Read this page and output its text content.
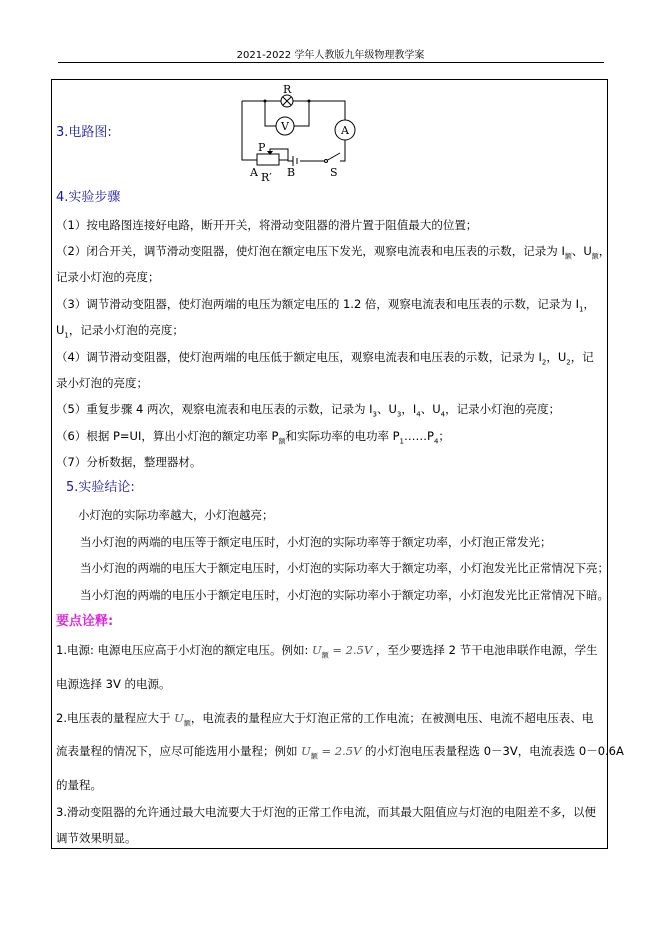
2021-2022 学年人教版九年级物理教学案
R
V	A
P
A R′ B	S
3.电路图:
4.实验步骤
5.实验结论:
要点诠释:
（1）按电路图连接好电路，断开开关，将滑动变阻器的滑片置于阻值最大的位置；
（2）闭合开关，调节滑动变阻器，使灯泡在额定电压下发光，观察电流表和电压表的示数，记录为 $I_额$、$U_额$，
记录小灯泡的亮度；
（3）调节滑动变阻器，使灯泡两端的电压为额定电压的 1.2 倍，观察电流表和电压表的示数，记录为 $I_1$，
$U_1$，记录小灯泡的亮度；
（4）调节滑动变阻器，使灯泡两端的电压低于额定电压，观察电流表和电压表的示数，记录为 $I_2$，$U_2$，记
录小灯泡的亮度；
（5）重复步骤 4 两次，观察电流表和电压表的示数，记录为 $I_3$、$U_3$，$I_4$、$U_4$，记录小灯泡的亮度；
（6）根据 P=UI，算出小灯泡的额定功率 $P_额$和实际功率的电功率 $P_1\dots\dots P_4$；
（7）分析数据，整理器材。
小灯泡的实际功率越大，小灯泡越亮；
当小灯泡的两端的电压等于额定电压时，小灯泡的实际功率等于额定功率，小灯泡正常发光；
当小灯泡的两端的电压大于额定电压时，小灯泡的实际功率大于额定功率，小灯泡发光比正常情况下亮；
当小灯泡的两端的电压小于额定电压时，小灯泡的实际功率小于额定功率，小灯泡发光比正常情况下暗。
1.电源: 电源电压应高于小灯泡的额定电压。例如: $U_额 = 2.5V$ ，至少要选择 2 节干电池串联作电源，学生
电源选择 3V 的电源。
2.电压表的量程应大于 $U_额$，电流表的量程应大于灯泡正常的工作电流；在被测电压、电流不超电压表、电
流表量程的情况下，应尽可能选用小量程；例如 $U_额 = 2.5V$ 的小灯泡电压表量程选 0－3V，电流表选 0－0.6A
的量程。
3.滑动变阻器的允许通过最大电流要大于灯泡的正常工作电流，而其最大阻值应与灯泡的电阻差不多，以便
调节效果明显。
